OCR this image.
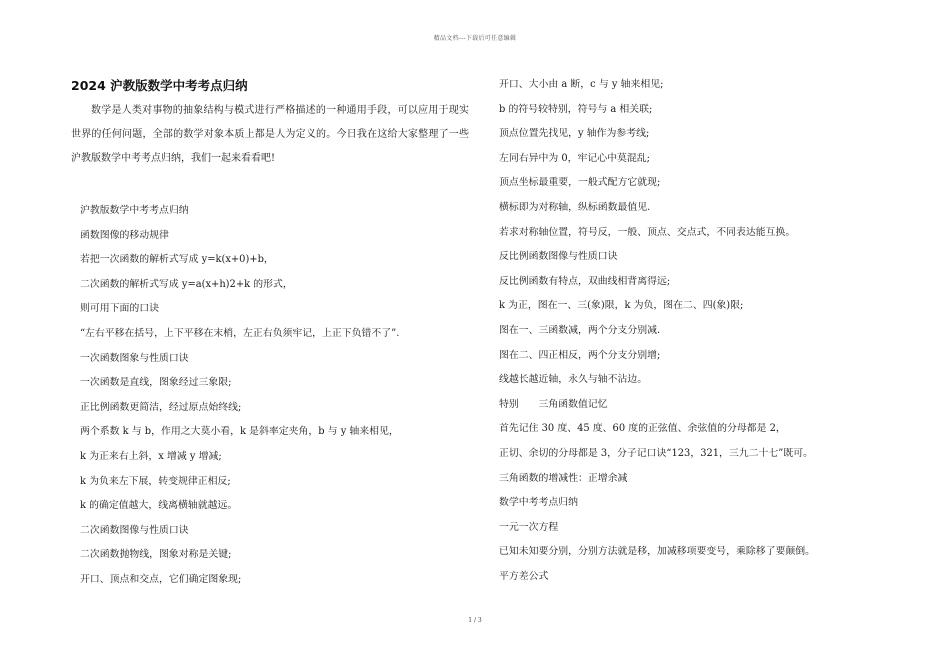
精品文档---下载后可任意编辑
2024 沪教版数学中考考点归纳

数学是人类对事物的抽象结构与模式进行严格描述的一种通用手段，可以应用于现实世界的任何问题，全部的数学对象本质上都是人为定义的。今日我在这给大家整理了一些沪教版数学中考考点归纳，我们一起来看看吧!

沪教版数学中考考点归纳
函数图像的移动规律
若把一次函数的解析式写成 y=k(x+0)+b，
二次函数的解析式写成 y=a(x+h)2+k 的形式，
则可用下面的口诀
“左右平移在括号，上下平移在末梢，左正右负须牢记，上正下负错不了”.
一次函数图象与性质口诀
一次函数是直线，图象经过三象限;
正比例函数更简洁，经过原点始终线;
两个系数 k 与 b，作用之大莫小看，k 是斜率定夹角，b 与 y 轴来相见，
k 为正来右上斜，x 增减 y 增减;
k 为负来左下展，转变规律正相反;
k 的确定值越大，线离横轴就越远。
二次函数图像与性质口诀
二次函数抛物线，图象对称是关键;
开口、顶点和交点，它们确定图象现;
开口、大小由 a 断，c 与 y 轴来相见;
b 的符号较特别，符号与 a 相关联;
顶点位置先找见，y 轴作为参考线;
左同右异中为 0，牢记心中莫混乱;
顶点坐标最重要，一般式配方它就现;
横标即为对称轴，纵标函数最值见.
若求对称轴位置，符号反，一般、顶点、交点式，不同表达能互换。
反比例函数图像与性质口诀
反比例函数有特点，双曲线相背离得远;
k 为正，图在一、三(象)限，k 为负，图在二、四(象)限;
图在一、三函数减，两个分支分别减.
图在二、四正相反，两个分支分别增;
线越长越近轴，永久与轴不沾边。
特别　　三角函数值记忆
首先记住 30 度、45 度、60 度的正弦值、余弦值的分母都是 2，
正切、余切的分母都是 3，分子记口诀“123，321，三九二十七”既可。
三角函数的增减性：正增余减
数学中考考点归纳
一元一次方程
已知未知要分别，分别方法就是移，加减移项要变号，乘除移了要颠倒。
平方差公式
1 / 3
